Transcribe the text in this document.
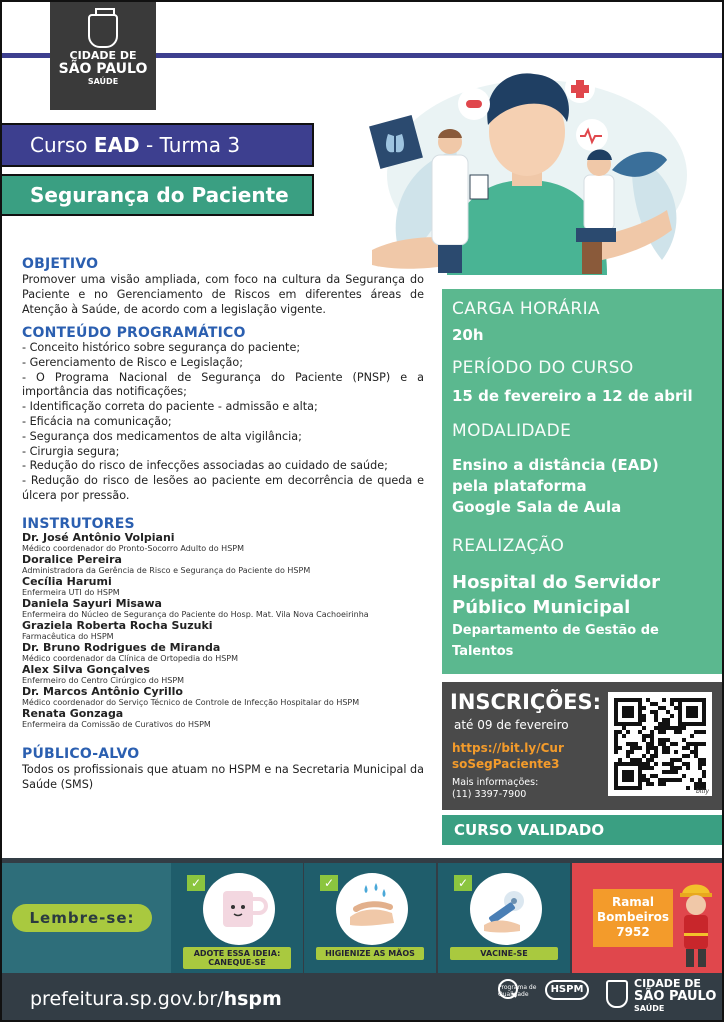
CIDADE DE
SÃO PAULO
SAÚDE
Curso EAD - Turma 3
Segurança do Paciente
OBJETIVO
Promover uma visão ampliada, com foco na cultura da Segurança do Paciente e no Gerenciamento de Riscos em diferentes áreas de Atenção à Saúde, de acordo com a legislação vigente.
CONTEÚDO PROGRAMÁTICO
- Conceito histórico sobre segurança do paciente;
- Gerenciamento de Risco e Legislação;
- O Programa Nacional de Segurança do Paciente (PNSP) e a importância das notificações;
- Identificação correta do paciente - admissão e alta;
- Eficácia na comunicação;
- Segurança dos medicamentos de alta vigilância;
- Cirurgia segura;
- Redução do risco de infecções associadas ao cuidado de saúde;
- Redução do risco de lesões ao paciente em decorrência de queda e úlcera por pressão.
INSTRUTORES
Dr. José Antônio Volpiani
Médico coordenador do Pronto-Socorro Adulto do HSPM
Doralice Pereira
Administradora da Gerência de Risco e Segurança do Paciente do HSPM
Cecília Harumi
Enfermeira UTI do HSPM
Daniela Sayuri Misawa
Enfermeira do Núcleo de Segurança do Paciente do Hosp. Mat. Vila Nova Cachoeirinha
Graziela Roberta Rocha Suzuki
Farmacêutica do HSPM
Dr. Bruno Rodrigues de Miranda
Médico coordenador da Clínica de Ortopedia do HSPM
Alex Silva Gonçalves
Enfermeiro do Centro Cirúrgico do HSPM
Dr. Marcos Antônio Cyrillo
Médico coordenador do Serviço Técnico de Controle de Infecção Hospitalar do HSPM
Renata Gonzaga
Enfermeira da Comissão de Curativos do HSPM
PÚBLICO-ALVO
Todos os profissionais que atuam no HSPM e na Secretaria Municipal da Saúde (SMS)
CARGA HORÁRIA
20h
PERÍODO DO CURSO
15 de fevereiro a 12 de abril
MODALIDADE
Ensino a distância (EAD)
pela plataforma
Google Sala de Aula
REALIZAÇÃO
Hospital do Servidor
Público Municipal
Departamento de Gestão de Talentos
INSCRIÇÕES:
até 09 de fevereiro
https://bit.ly/Cur
soSegPaciente3
Mais informações:
(11) 3397-7900	bitly
CURSO VALIDADO
Lembre-se:
✓
ADOTE ESSA IDEIA:
CANEQUE-SE
✓
HIGIENIZE AS MÃOS
✓
VACINE-SE
Ramal
Bombeiros
7952
prefeitura.sp.gov.br/hspm
Programa de Qualidade	HSPM	CIDADE DE
SÃO PAULO
SAÚDE
